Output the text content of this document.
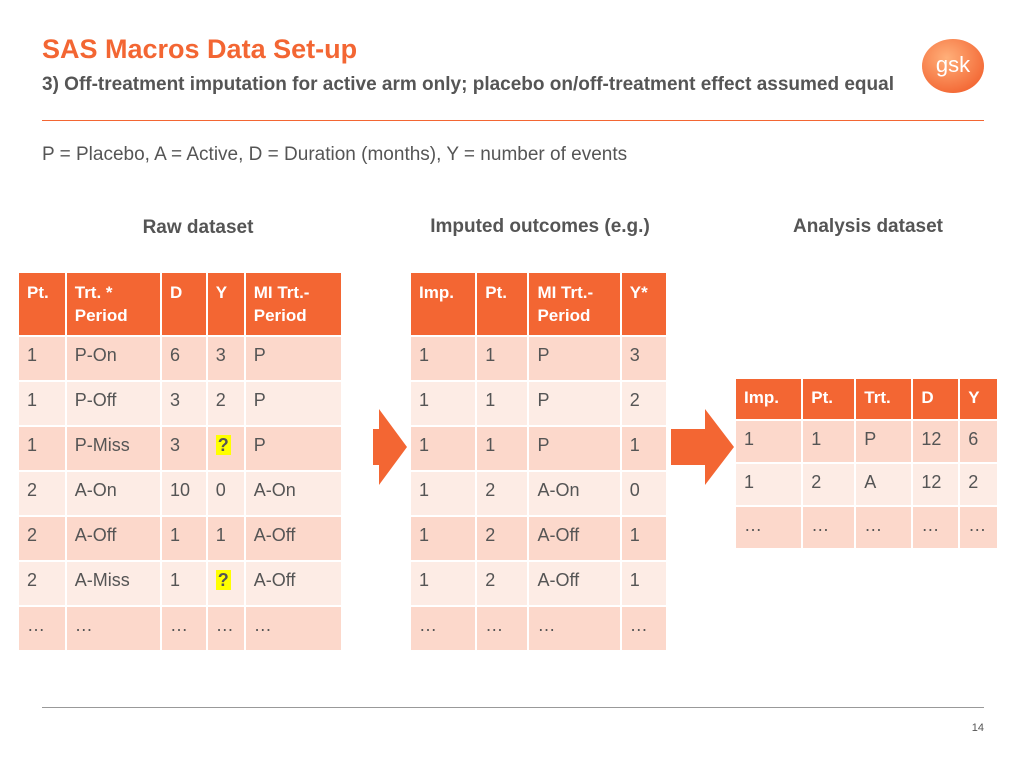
SAS Macros Data Set-up

3) Off-treatment imputation for active arm only; placebo on/off-treatment effect assumed equal

gsk

P = Placebo, A = Active, D = Duration (months), Y = number of events

Raw dataset	Imputed outcomes (e.g.)	Analysis dataset

Pt.	Trt. * Period	D	Y	MI Trt.- Period
1	P-On	6	3	P
1	P-Off	3	2	P
1	P-Miss	3	?	P
2	A-On	10	0	A-On
2	A-Off	1	1	A-Off
2	A-Miss	1	?	A-Off
…	…	…	…	…
Imp.	Pt.	MI Trt.- Period	Y*
1	1	P	3
1	1	P	2
1	1	P	1
1	2	A-On	0
1	2	A-Off	1
1	2	A-Off	1
…	…	…	…
Imp.	Pt.	Trt.	D	Y
1	1	P	12	6
1	2	A	12	2
…	…	…	…	…

14
